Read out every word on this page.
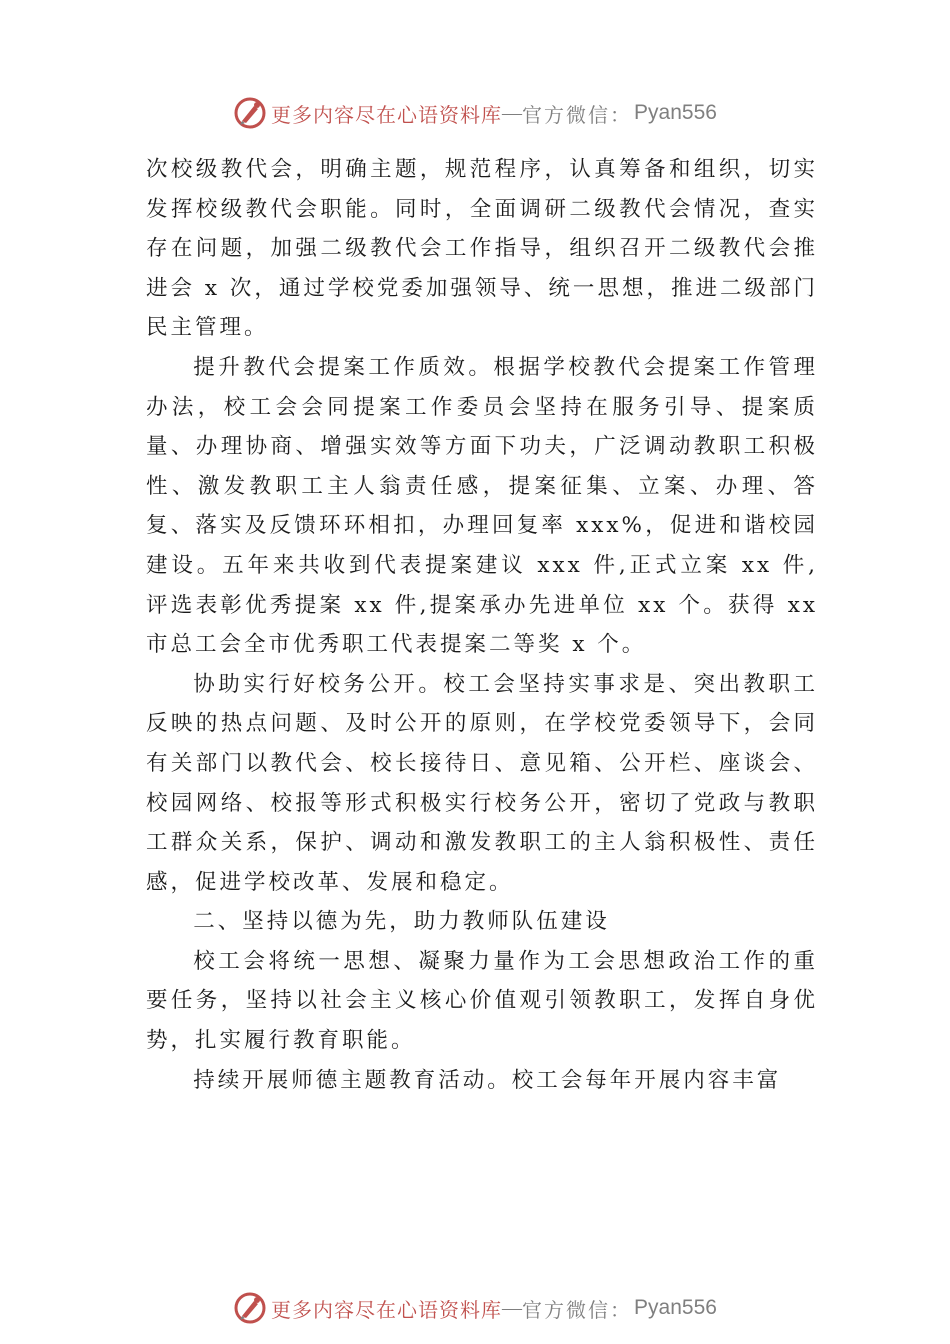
更多内容尽在心语资料库 — 官方微信： Pyan556

次校级教代会，明确主题，规范程序，认真筹备和组织，切实发挥校级教代会职能。同时，全面调研二级教代会情况，查实存在问题，加强二级教代会工作指导，组织召开二级教代会推进会 x 次，通过学校党委加强领导、统一思想，推进二级部门民主管理。

提升教代会提案工作质效。根据学校教代会提案工作管理办法，校工会会同提案工作委员会坚持在服务引导、提案质量、办理协商、增强实效等方面下功夫，广泛调动教职工积极性、激发教职工主人翁责任感，提案征集、立案、办理、答复、落实及反馈环环相扣，办理回复率 xxx%，促进和谐校园建设。五年来共收到代表提案建议 xxx 件,正式立案 xx 件,评选表彰优秀提案 xx 件,提案承办先进单位 xx 个。获得 xx 市总工会全市优秀职工代表提案二等奖 x 个。

协助实行好校务公开。校工会坚持实事求是、突出教职工反映的热点问题、及时公开的原则，在学校党委领导下，会同有关部门以教代会、校长接待日、意见箱、公开栏、座谈会、校园网络、校报等形式积极实行校务公开，密切了党政与教职工群众关系，保护、调动和激发教职工的主人翁积极性、责任感，促进学校改革、发展和稳定。

二、坚持以德为先，助力教师队伍建设

校工会将统一思想、凝聚力量作为工会思想政治工作的重要任务，坚持以社会主义核心价值观引领教职工，发挥自身优势，扎实履行教育职能。

持续开展师德主题教育活动。校工会每年开展内容丰富

更多内容尽在心语资料库 — 官方微信： Pyan556
